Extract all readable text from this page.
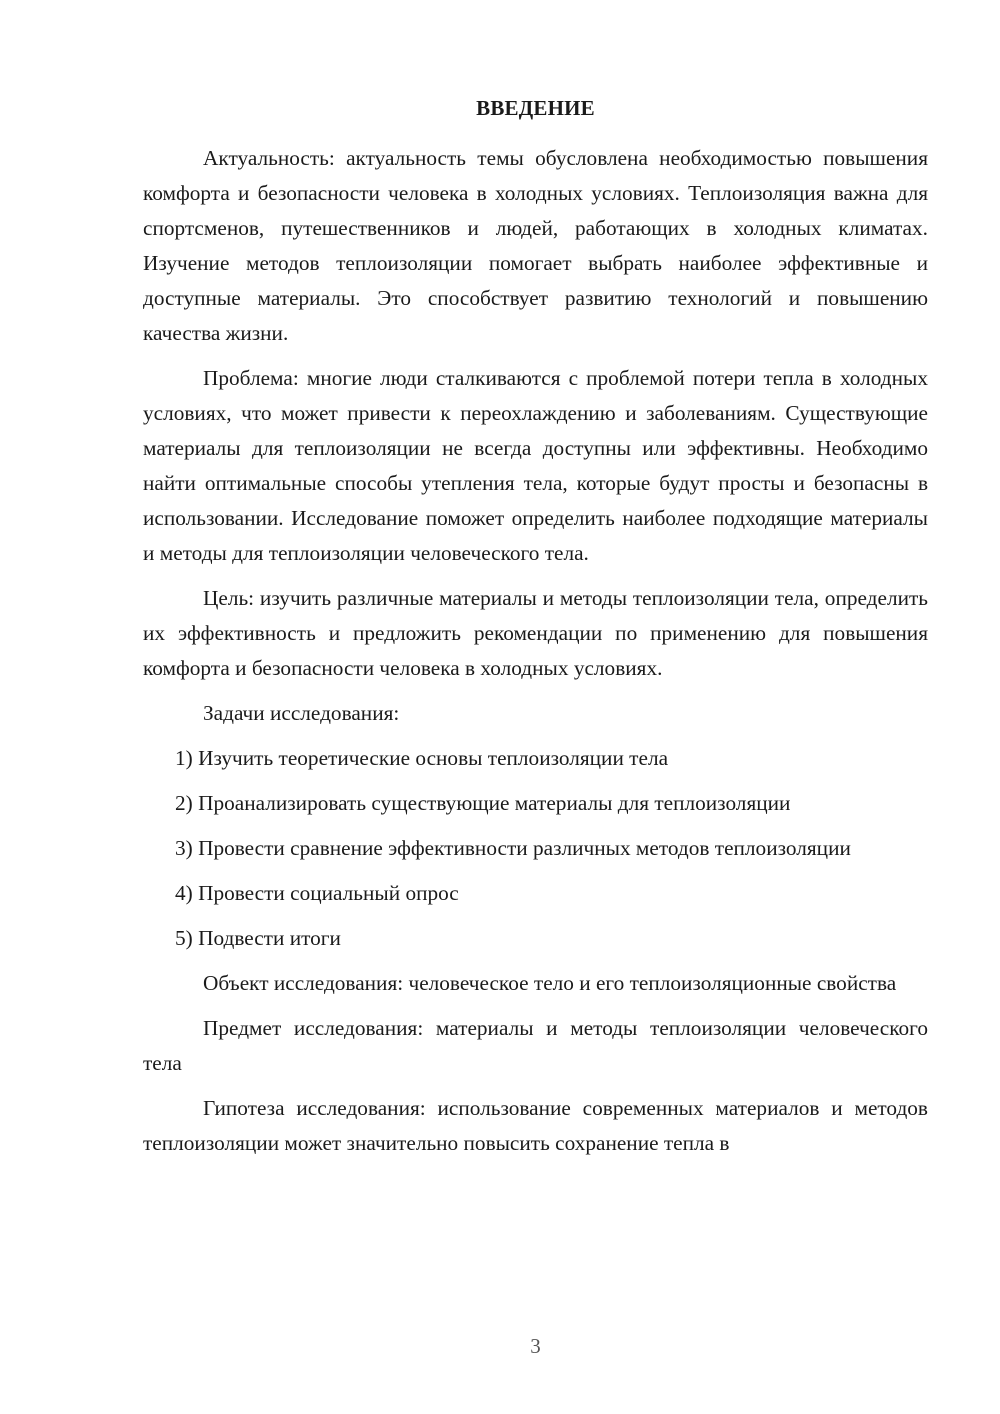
ВВЕДЕНИЕ

Актуальность: актуальность темы обусловлена необходимостью повышения комфорта и безопасности человека в холодных условиях. Теплоизоляция важна для спортсменов, путешественников и людей, работающих в холодных климатах. Изучение методов теплоизоляции помогает выбрать наиболее эффективные и доступные материалы. Это способствует развитию технологий и повышению качества жизни.

Проблема: многие люди сталкиваются с проблемой потери тепла в холодных условиях, что может привести к переохлаждению и заболеваниям. Существующие материалы для теплоизоляции не всегда доступны или эффективны. Необходимо найти оптимальные способы утепления тела, которые будут просты и безопасны в использовании. Исследование поможет определить наиболее подходящие материалы и методы для теплоизоляции человеческого тела.

Цель: изучить различные материалы и методы теплоизоляции тела, определить их эффективность и предложить рекомендации по применению для повышения комфорта и безопасности человека в холодных условиях.

Задачи исследования:

1) Изучить теоретические основы теплоизоляции тела

2) Проанализировать существующие материалы для теплоизоляции

3) Провести сравнение эффективности различных методов теплоизоляции

4) Провести социальный опрос

5) Подвести итоги

Объект исследования: человеческое тело и его теплоизоляционные свойства

Предмет исследования: материалы и методы теплоизоляции человеческого тела

Гипотеза исследования: использование современных материалов и методов теплоизоляции может значительно повысить сохранение тепла в

3
